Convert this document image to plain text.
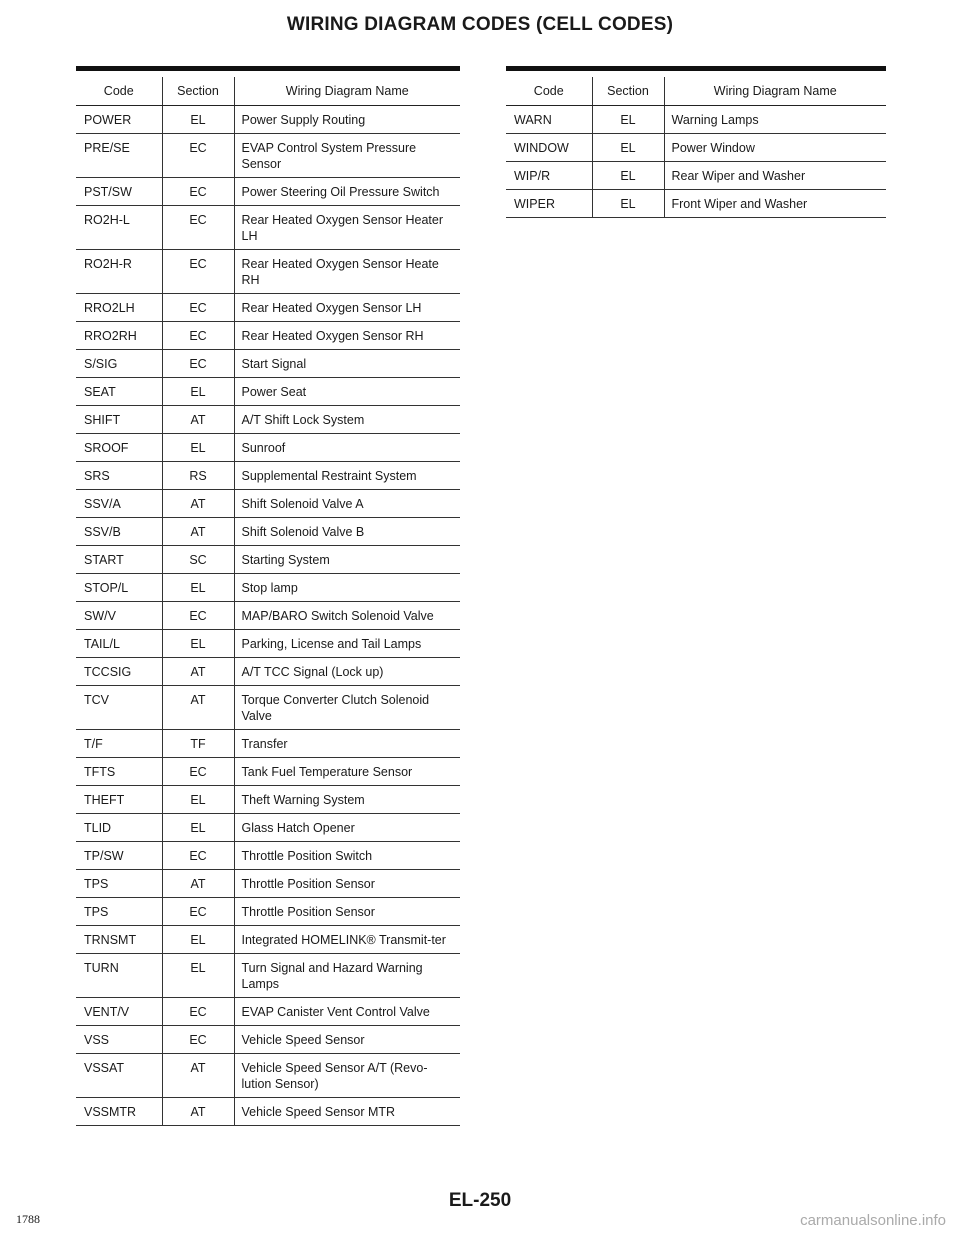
WIRING DIAGRAM CODES (CELL CODES)
Code	Section	Wiring Diagram Name
POWER	EL	Power Supply Routing
PRE/SE	EC	EVAP Control System Pressure Sensor
PST/SW	EC	Power Steering Oil Pressure Switch
RO2H-L	EC	Rear Heated Oxygen Sensor Heater LH
RO2H-R	EC	Rear Heated Oxygen Sensor Heate RH
RRO2LH	EC	Rear Heated Oxygen Sensor LH
RRO2RH	EC	Rear Heated Oxygen Sensor RH
S/SIG	EC	Start Signal
SEAT	EL	Power Seat
SHIFT	AT	A/T Shift Lock System
SROOF	EL	Sunroof
SRS	RS	Supplemental Restraint System
SSV/A	AT	Shift Solenoid Valve A
SSV/B	AT	Shift Solenoid Valve B
START	SC	Starting System
STOP/L	EL	Stop lamp
SW/V	EC	MAP/BARO Switch Solenoid Valve
TAIL/L	EL	Parking, License and Tail Lamps
TCCSIG	AT	A/T TCC Signal (Lock up)
TCV	AT	Torque Converter Clutch Solenoid Valve
T/F	TF	Transfer
TFTS	EC	Tank Fuel Temperature Sensor
THEFT	EL	Theft Warning System
TLID	EL	Glass Hatch Opener
TP/SW	EC	Throttle Position Switch
TPS	AT	Throttle Position Sensor
TPS	EC	Throttle Position Sensor
TRNSMT	EL	Integrated HOMELINK® Transmit-ter
TURN	EL	Turn Signal and Hazard Warning Lamps
VENT/V	EC	EVAP Canister Vent Control Valve
VSS	EC	Vehicle Speed Sensor
VSSAT	AT	Vehicle Speed Sensor A/T (Revo-lution Sensor)
VSSMTR	AT	Vehicle Speed Sensor MTR
Code	Section	Wiring Diagram Name
WARN	EL	Warning Lamps
WINDOW	EL	Power Window
WIP/R	EL	Rear Wiper and Washer
WIPER	EL	Front Wiper and Washer
EL-250
1788	carmanualsonline.info
